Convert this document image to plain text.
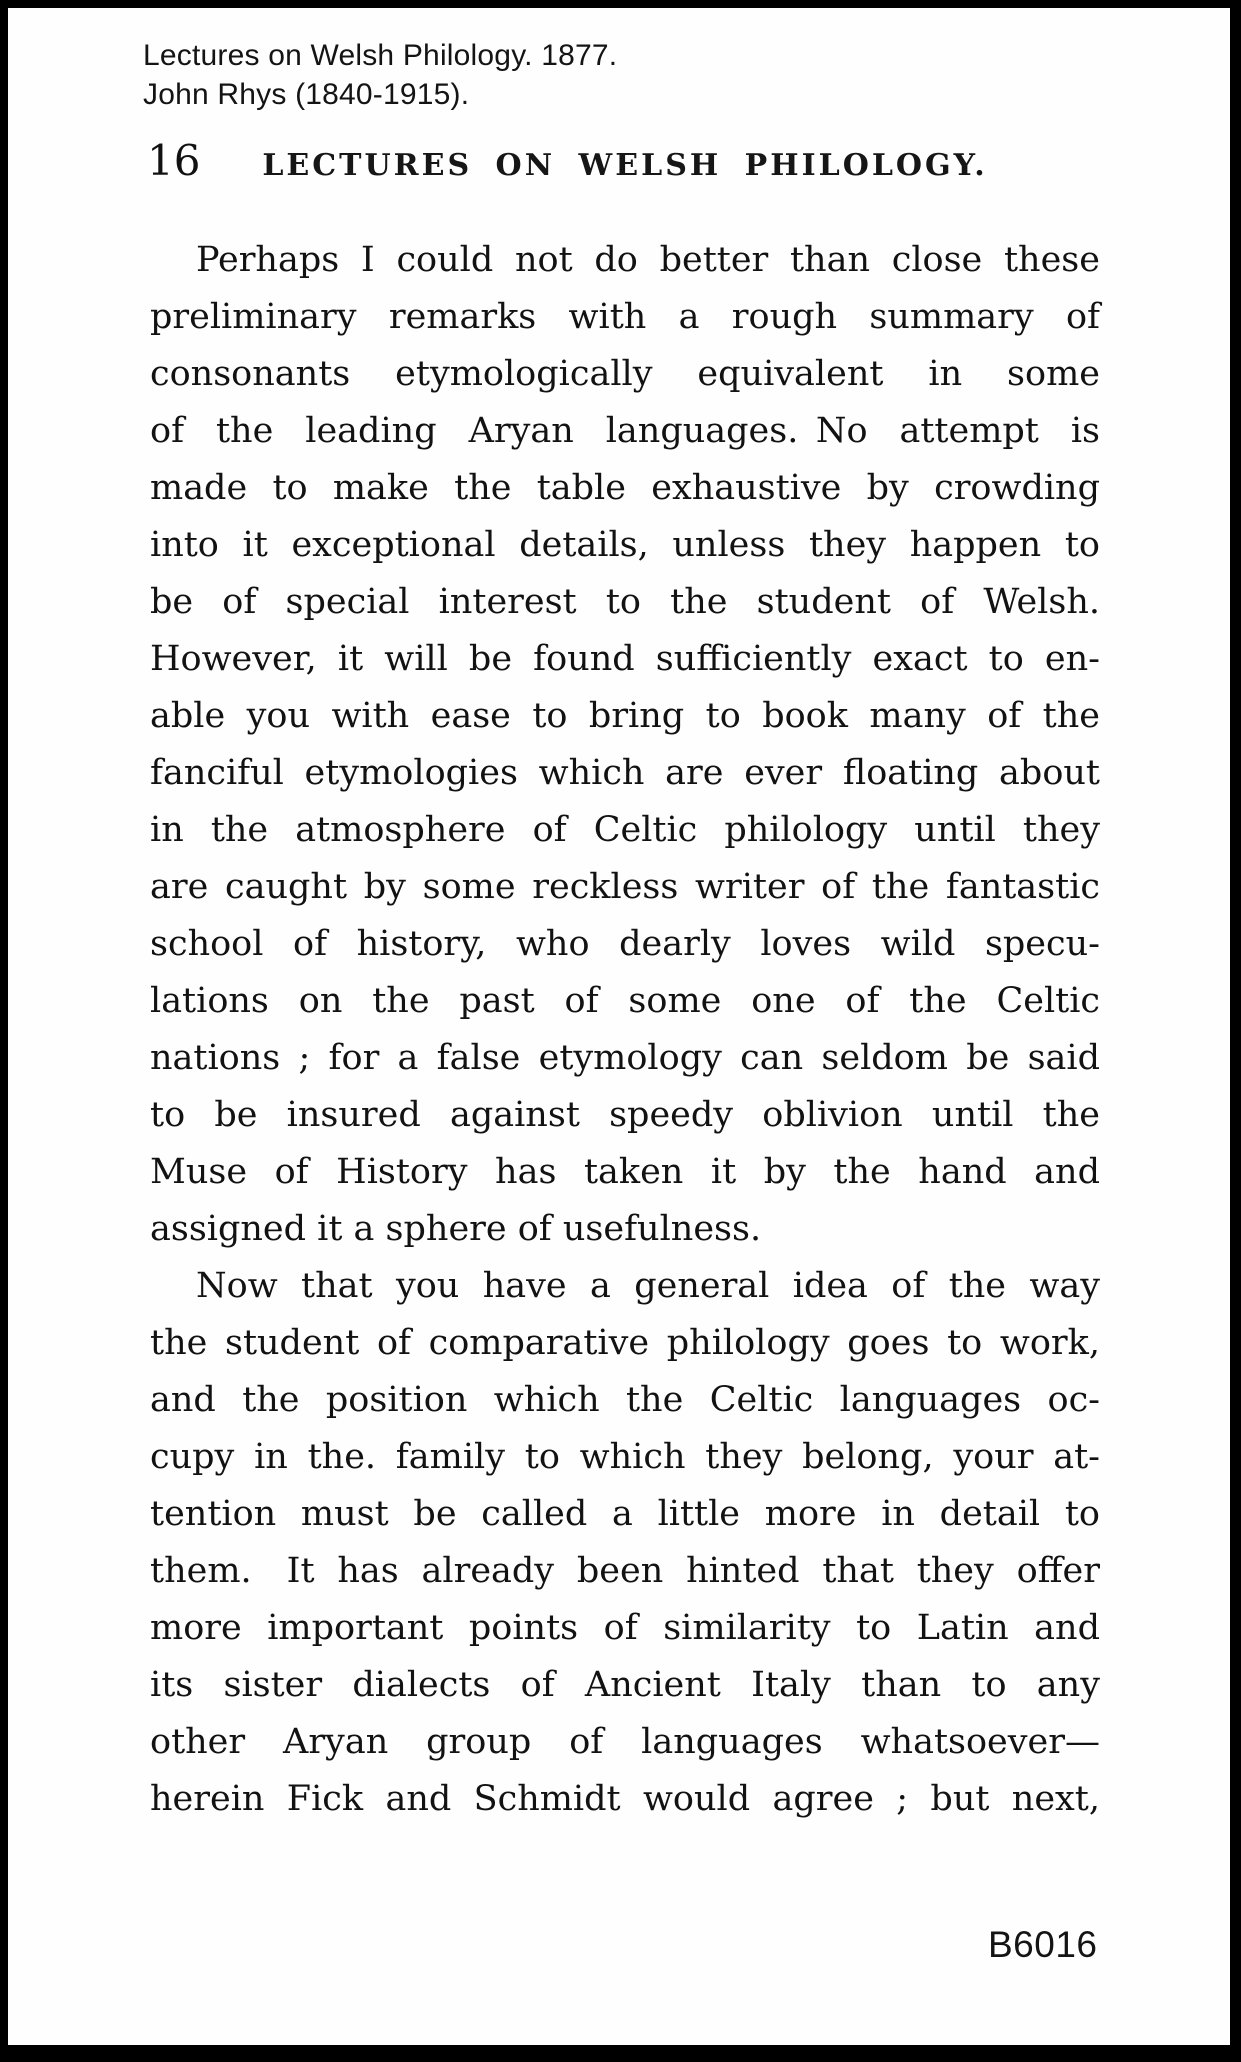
Lectures on Welsh Philology. 1877.
John Rhys (1840-1915).
16	LECTURES ON WELSH PHILOLOGY.
Perhaps I could not do better than close these
preliminary remarks with a rough summary of
consonants etymologically equivalent in some
of the leading Aryan languages. No attempt is
made to make the table exhaustive by crowding
into it exceptional details, unless they happen to
be of special interest to the student of Welsh.
However, it will be found sufficiently exact to en-
able you with ease to bring to book many of the
fanciful etymologies which are ever floating about
in the atmosphere of Celtic philology until they
are caught by some reckless writer of the fantastic
school of history, who dearly loves wild specu-
lations on the past of some one of the Celtic
nations ; for a false etymology can seldom be said
to be insured against speedy oblivion until the
Muse of History has taken it by the hand and
assigned it a sphere of usefulness.
Now that you have a general idea of the way
the student of comparative philology goes to work,
and the position which the Celtic languages oc-
cupy in the. family to which they belong, your at-
tention must be called a little more in detail to
them. It has already been hinted that they offer
more important points of similarity to Latin and
its sister dialects of Ancient Italy than to any
other Aryan group of languages whatsoever—
herein Fick and Schmidt would agree ; but next,
B6016
